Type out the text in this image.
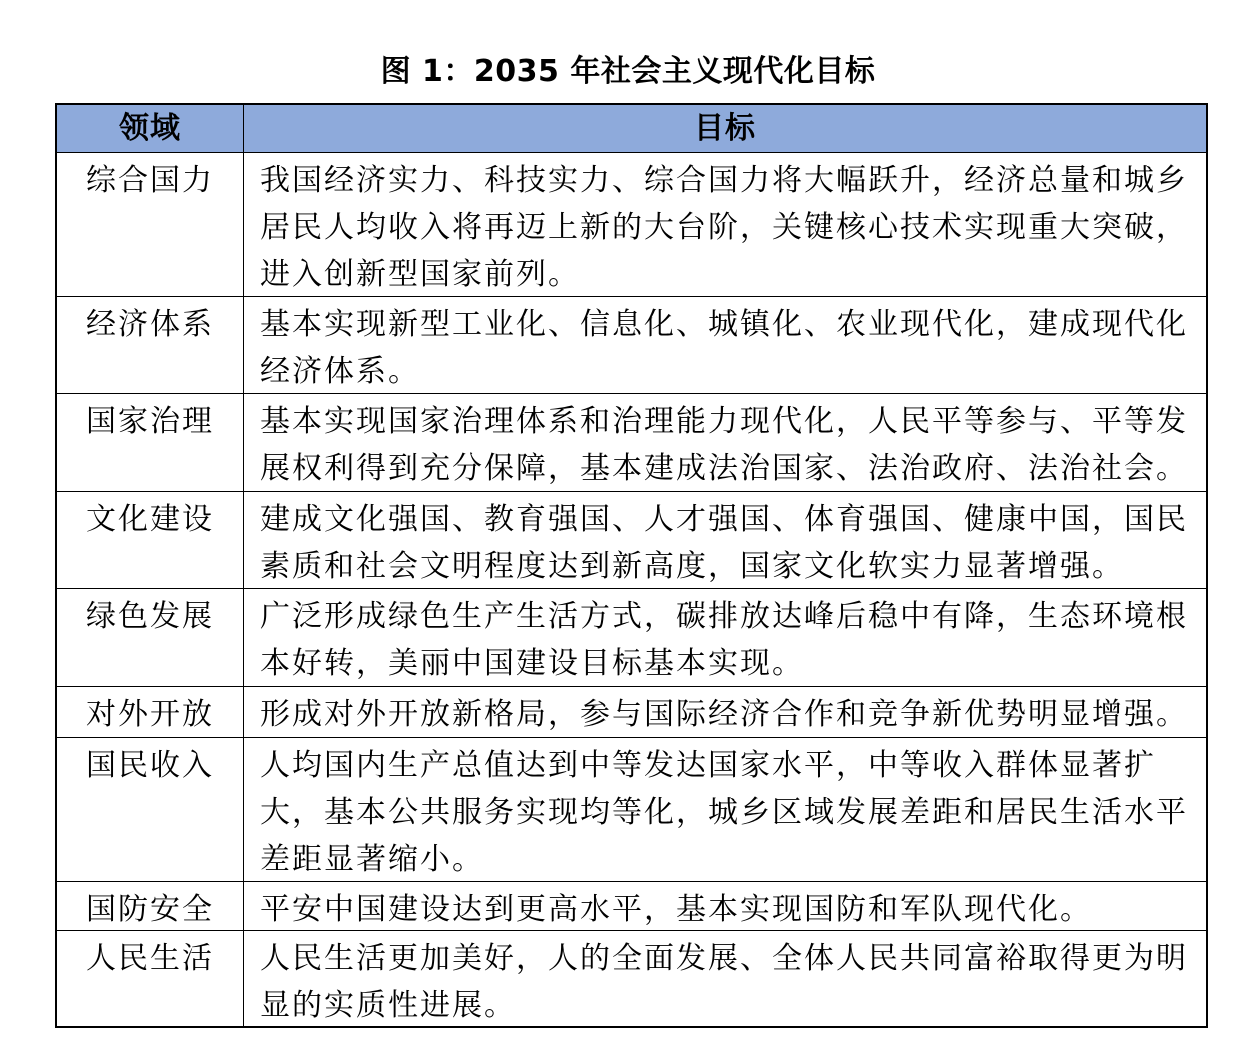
图 1：2035 年社会主义现代化目标
领域	目标
综合国力	我国经济实力、科技实力、综合国力将大幅跃升，经济总量和城乡
居民人均收入将再迈上新的大台阶，关键核心技术实现重大突破，
进入创新型国家前列。
经济体系	基本实现新型工业化、信息化、城镇化、农业现代化，建成现代化
经济体系。
国家治理	基本实现国家治理体系和治理能力现代化，人民平等参与、平等发
展权利得到充分保障，基本建成法治国家、法治政府、法治社会。
文化建设	建成文化强国、教育强国、人才强国、体育强国、健康中国，国民
素质和社会文明程度达到新高度，国家文化软实力显著增强。
绿色发展	广泛形成绿色生产生活方式，碳排放达峰后稳中有降，生态环境根
本好转，美丽中国建设目标基本实现。
对外开放	形成对外开放新格局，参与国际经济合作和竞争新优势明显增强。
国民收入	人均国内生产总值达到中等发达国家水平，中等收入群体显著扩
大，基本公共服务实现均等化，城乡区域发展差距和居民生活水平
差距显著缩小。
国防安全	平安中国建设达到更高水平，基本实现国防和军队现代化。
人民生活	人民生活更加美好，人的全面发展、全体人民共同富裕取得更为明
显的实质性进展。
